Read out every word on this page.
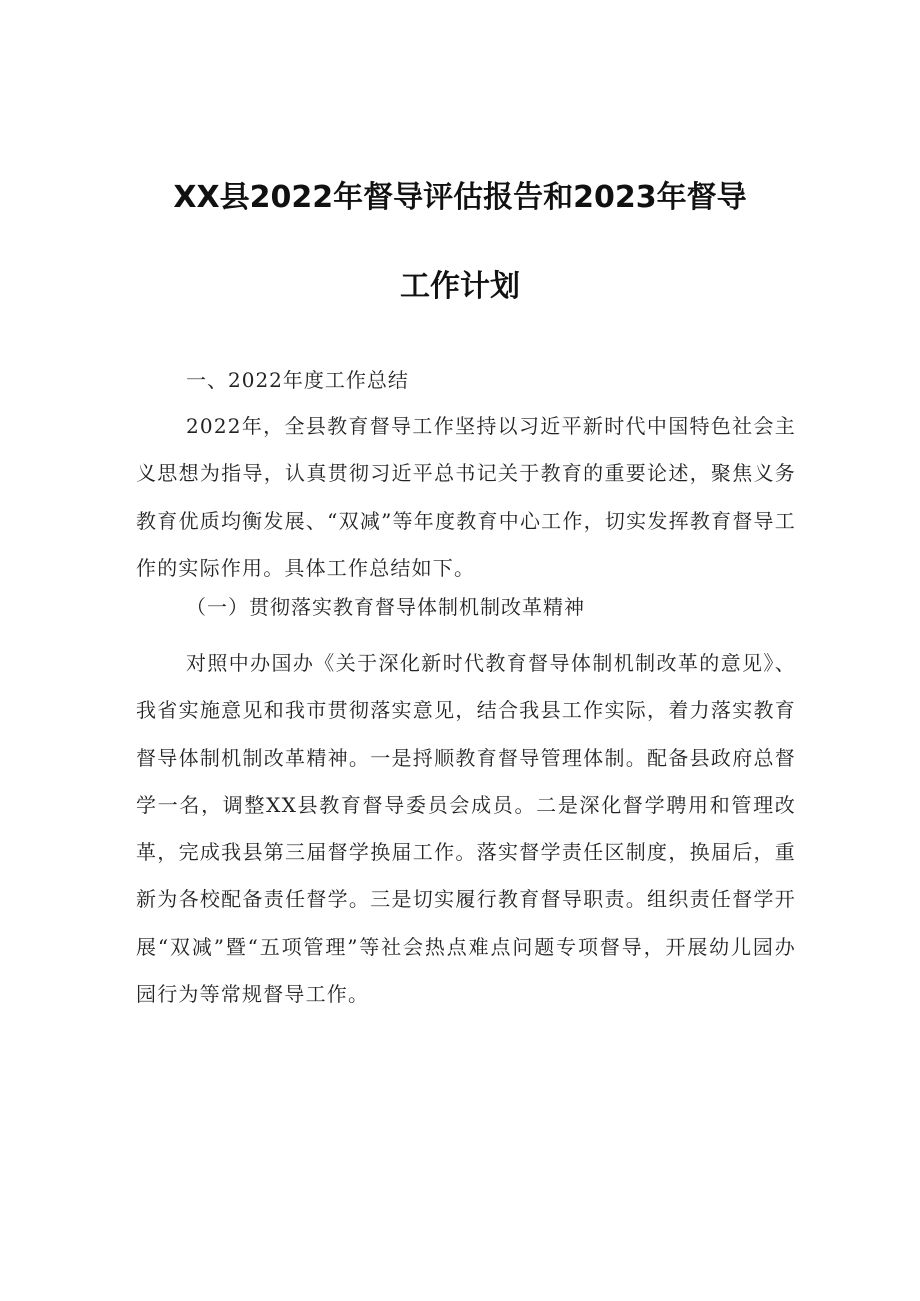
XX县2022年督导评估报告和2023年督导
工作计划
一、2022年度工作总结
2022年，全县教育督导工作坚持以习近平新时代中国特色社会主义思想为指导，认真贯彻习近平总书记关于教育的重要论述，聚焦义务教育优质均衡发展、“双减”等年度教育中心工作，切实发挥教育督导工作的实际作用。具体工作总结如下。
（一）贯彻落实教育督导体制机制改革精神
对照中办国办《关于深化新时代教育督导体制机制改革的意见》、我省实施意见和我市贯彻落实意见，结合我县工作实际，着力落实教育督导体制机制改革精神。一是捋顺教育督导管理体制。配备县政府总督学一名，调整XX县教育督导委员会成员。二是深化督学聘用和管理改革，完成我县第三届督学换届工作。落实督学责任区制度，换届后，重新为各校配备责任督学。三是切实履行教育督导职责。组织责任督学开展“双减”暨“五项管理”等社会热点难点问题专项督导，开展幼儿园办园行为等常规督导工作。
